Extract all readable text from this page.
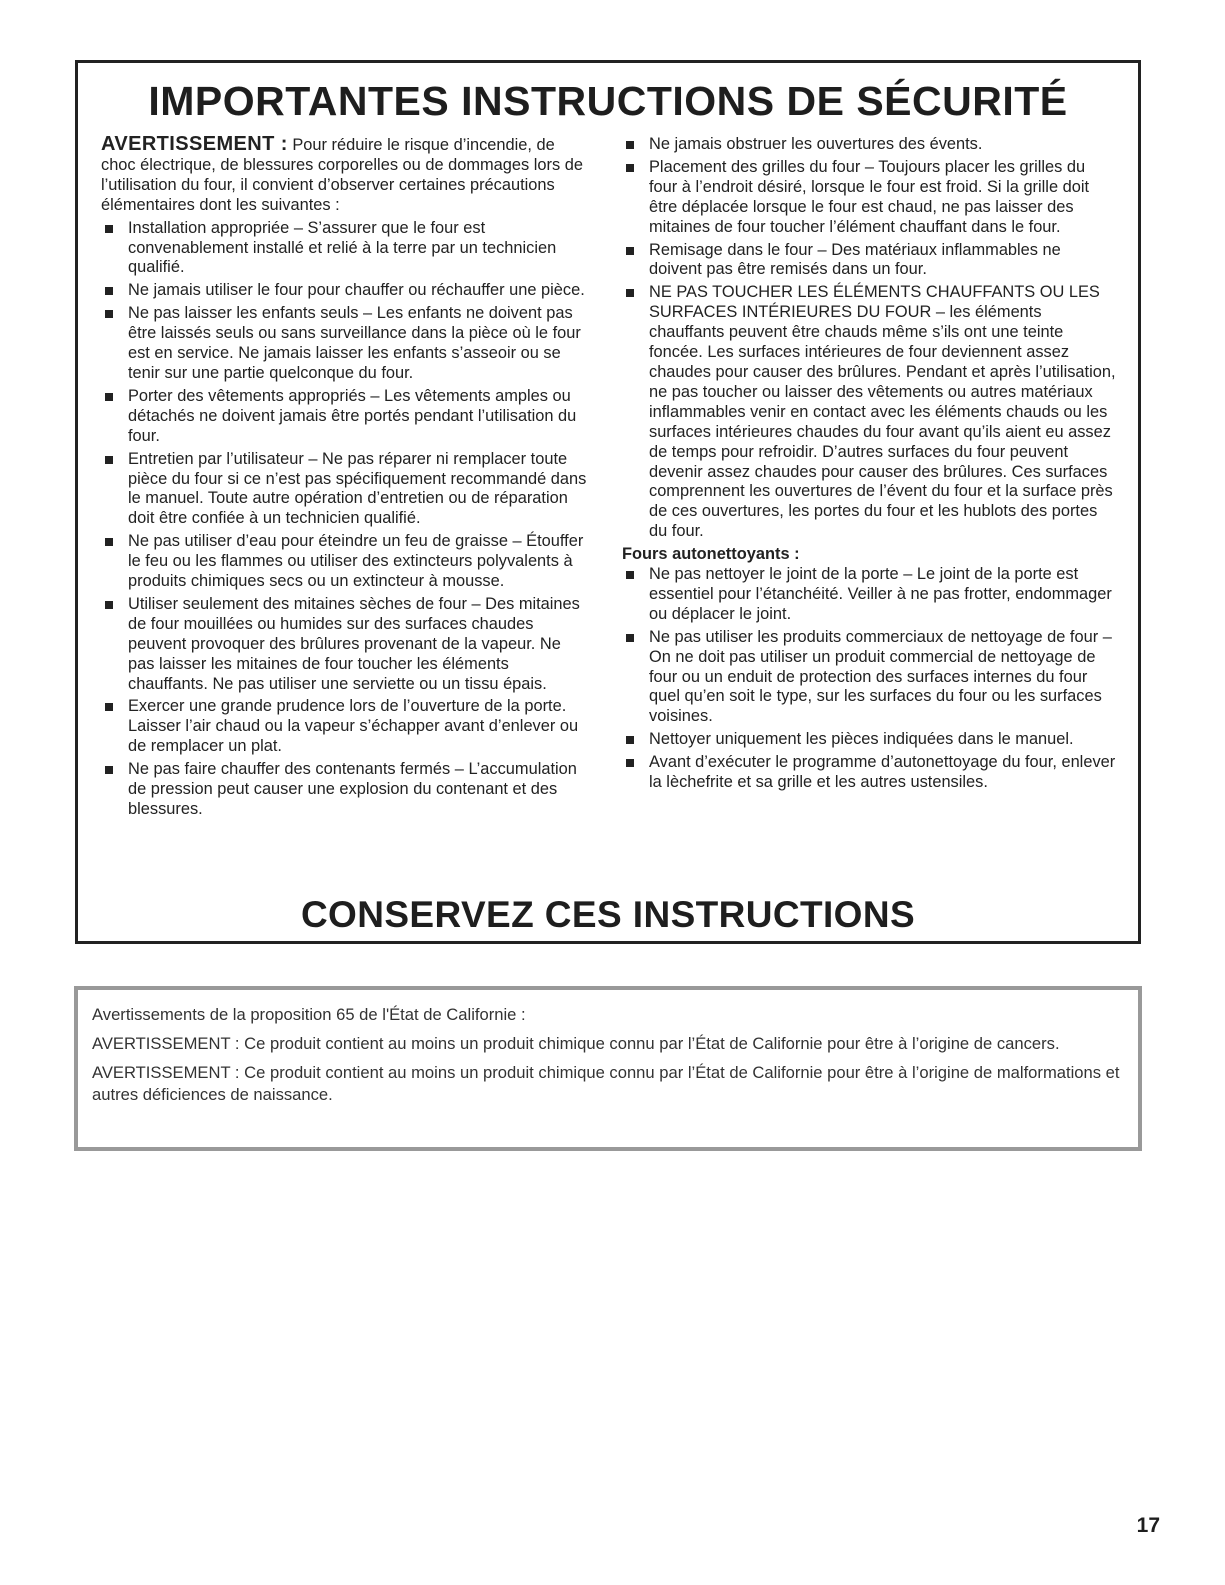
IMPORTANTES INSTRUCTIONS DE SÉCURITÉ

AVERTISSEMENT : Pour réduire le risque d’incendie, de choc électrique, de blessures corporelles ou de dommages lors de l’utilisation du four, il convient d’observer certaines précautions élémentaires dont les suivantes :

Installation appropriée – S’assurer que le four est convenablement installé et relié à la terre par un technicien qualifié.
Ne jamais utiliser le four pour chauffer ou réchauffer une pièce.
Ne pas laisser les enfants seuls – Les enfants ne doivent pas être laissés seuls ou sans surveillance dans la pièce où le four est en service. Ne jamais laisser les enfants s’asseoir ou se tenir sur une partie quelconque du four.
Porter des vêtements appropriés – Les vêtements amples ou détachés ne doivent jamais être portés pendant l’utilisation du four.
Entretien par l’utilisateur – Ne pas réparer ni remplacer toute pièce du four si ce n’est pas spécifiquement recommandé dans le manuel. Toute autre opération d’entretien ou de réparation doit être confiée à un technicien qualifié.
Ne pas utiliser d’eau pour éteindre un feu de graisse – Étouffer le feu ou les flammes ou utiliser des extincteurs polyvalents à produits chimiques secs ou un extincteur à mousse.
Utiliser seulement des mitaines sèches de four – Des mitaines de four mouillées ou humides sur des surfaces chaudes peuvent provoquer des brûlures provenant de la vapeur. Ne pas laisser les mitaines de four toucher les éléments chauffants. Ne pas utiliser une serviette ou un tissu épais.
Exercer une grande prudence lors de l’ouverture de la porte. Laisser l’air chaud ou la vapeur s’échapper avant d’enlever ou de remplacer un plat.
Ne pas faire chauffer des contenants fermés – L’accumulation de pression peut causer une explosion du contenant et des blessures.
Ne jamais obstruer les ouvertures des évents.
Placement des grilles du four – Toujours placer les grilles du four à l’endroit désiré, lorsque le four est froid. Si la grille doit être déplacée lorsque le four est chaud, ne pas laisser des mitaines de four toucher l’élément chauffant dans le four.
Remisage dans le four – Des matériaux inflammables ne doivent pas être remisés dans un four.
NE PAS TOUCHER LES ÉLÉMENTS CHAUFFANTS OU LES SURFACES INTÉRIEURES DU FOUR – les éléments chauffants peuvent être chauds même s’ils ont une teinte foncée. Les surfaces intérieures de four deviennent assez chaudes pour causer des brûlures. Pendant et après l’utilisation, ne pas toucher ou laisser des vêtements ou autres matériaux inflammables venir en contact avec les éléments chauds ou les surfaces intérieures chaudes du four avant qu’ils aient eu assez de temps pour refroidir. D’autres surfaces du four peuvent devenir assez chaudes pour causer des brûlures. Ces surfaces comprennent les ouvertures de l’évent du four et la surface près de ces ouvertures, les portes du four et les hublots des portes du four.

Fours autonettoyants :

Ne pas nettoyer le joint de la porte – Le joint de la porte est essentiel pour l’étanchéité. Veiller à ne pas frotter, endommager ou déplacer le joint.
Ne pas utiliser les produits commerciaux de nettoyage de four – On ne doit pas utiliser un produit commercial de nettoyage de four ou un enduit de protection des surfaces internes du four quel qu’en soit le type, sur les surfaces du four ou les surfaces voisines.
Nettoyer uniquement les pièces indiquées dans le manuel.
Avant d’exécuter le programme d’autonettoyage du four, enlever la lèchefrite et sa grille et les autres ustensiles.
CONSERVEZ CES INSTRUCTIONS

Avertissements de la proposition 65 de l'État de Californie :

AVERTISSEMENT : Ce produit contient au moins un produit chimique connu par l’État de Californie pour être à l’origine de cancers.

AVERTISSEMENT : Ce produit contient au moins un produit chimique connu par l’État de Californie pour être à l’origine de malformations et autres déficiences de naissance.

17
